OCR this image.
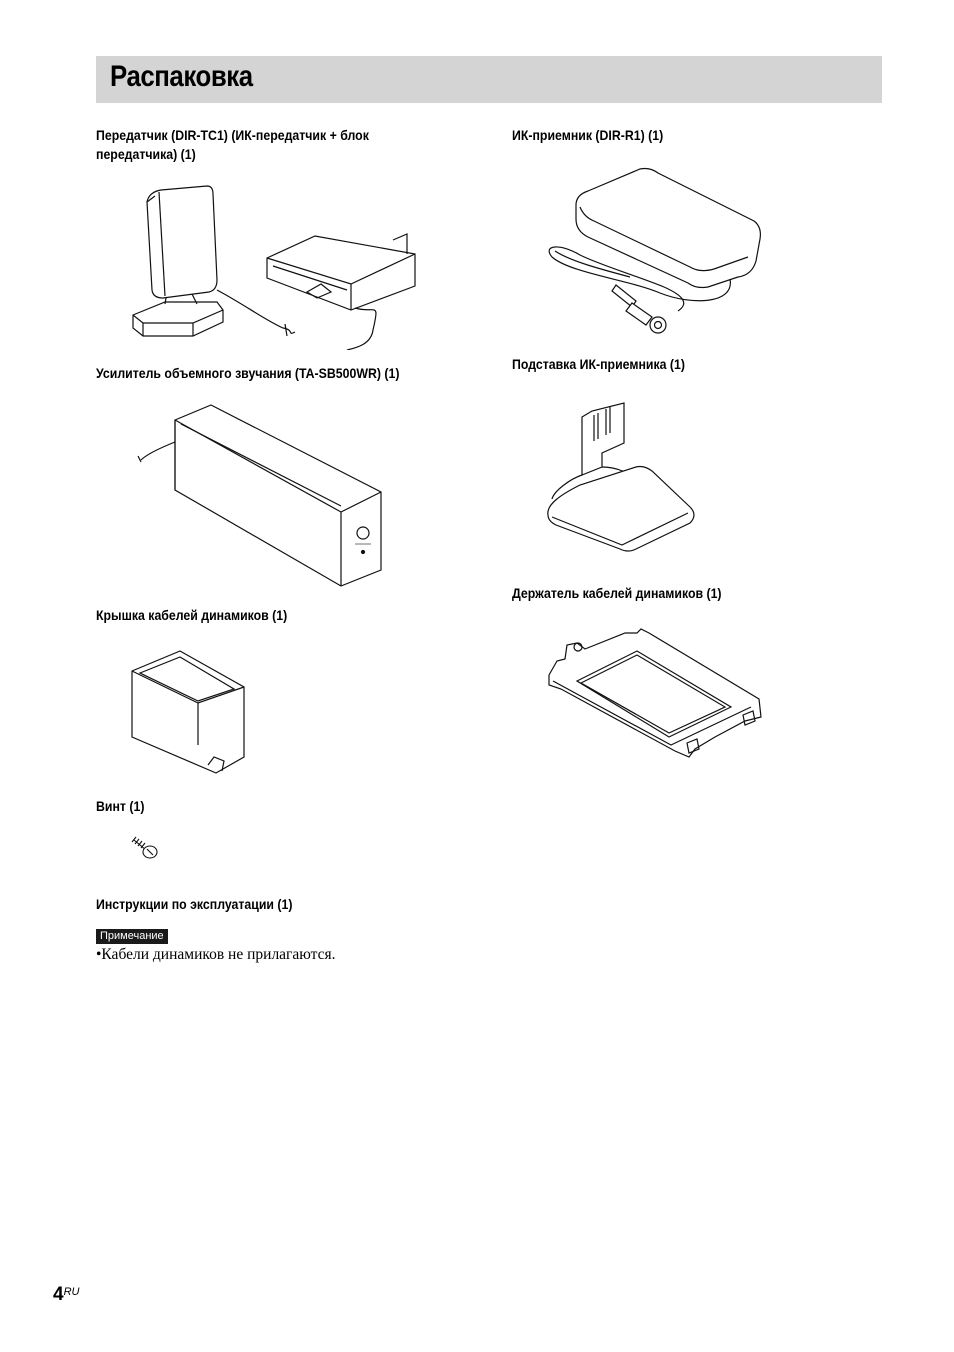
Распаковка
Передатчик (DIR-TC1) (ИК-передатчик + блок
передатчика) (1)
Усилитель объемного звучания (TA-SB500WR) (1)
Крышка кабелей динамиков (1)
Винт (1)
Инструкции по эксплуатации (1)
ИК-приемник (DIR-R1) (1)
Подставка ИК-приемника (1)
Держатель кабелей динамиков (1)
Примечание
•Кабели динамиков не прилагаются.
$4^{RU}$
